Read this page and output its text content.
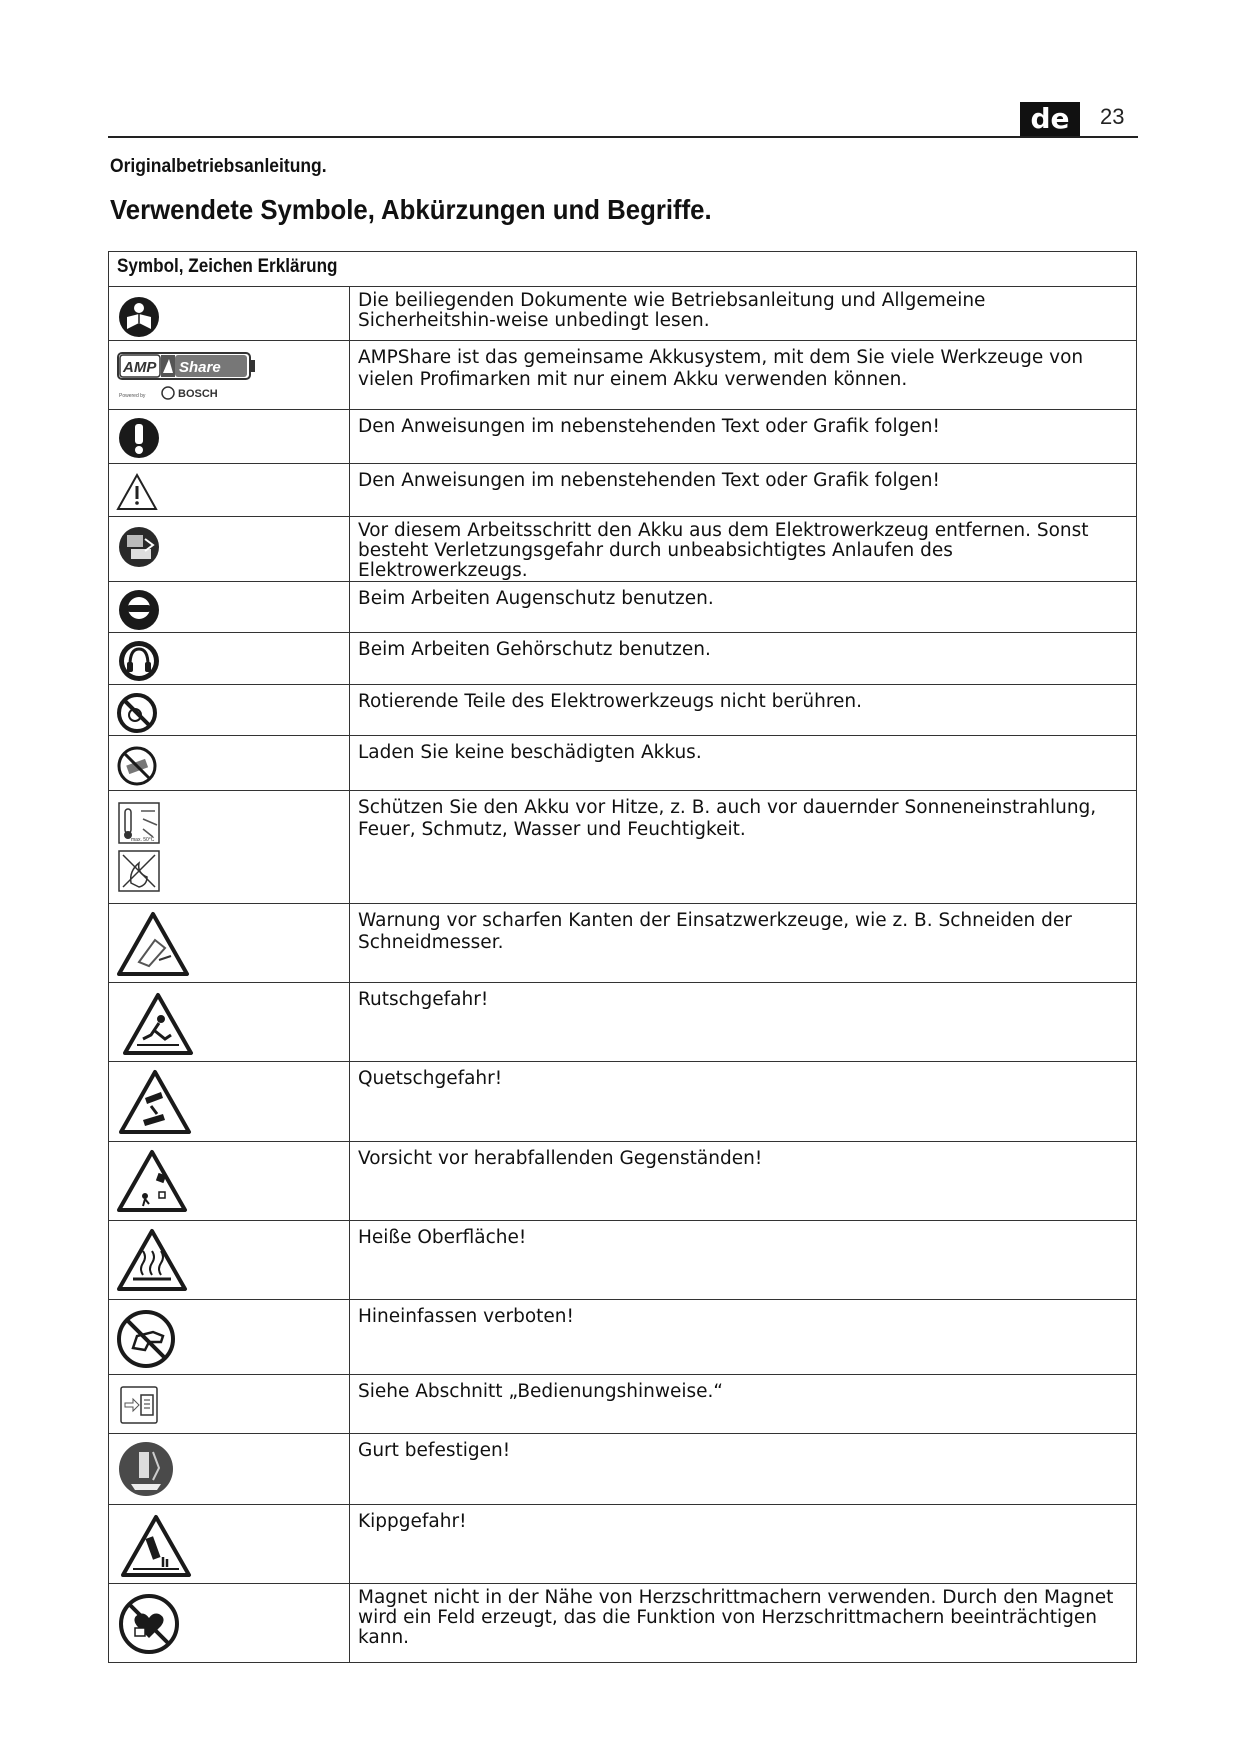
de	23
Originalbetriebsanleitung.
Verwendete Symbole, Abkürzungen und Begriffe.
Symbol, Zeichen Erklärung	

	Die beiliegenden Dokumente wie Betriebsanleitung und Allgemeine Sicherheitshin-weise unbedingt lesen.

AMP Share
Powered by BOSCH	AMPShare ist das gemeinsame Akkusystem, mit dem Sie viele Werkzeuge von vielen Profimarken mit nur einem Akku verwenden können.

	Den Anweisungen im nebenstehenden Text oder Grafik folgen!

	Den Anweisungen im nebenstehenden Text oder Grafik folgen!

	Vor diesem Arbeitsschritt den Akku aus dem Elektrowerkzeug entfernen. Sonst besteht Verletzungsgefahr durch unbeabsichtigtes Anlaufen des Elektrowerkzeugs.

	Beim Arbeiten Augenschutz benutzen.

	Beim Arbeiten Gehörschutz benutzen.

	Rotierende Teile des Elektrowerkzeugs nicht berühren.

	Laden Sie keine beschädigten Akkus.

max. 50°C	Schützen Sie den Akku vor Hitze, z. B. auch vor dauernder Sonneneinstrahlung, Feuer, Schmutz, Wasser und Feuchtigkeit.

	Warnung vor scharfen Kanten der Einsatzwerkzeuge, wie z. B. Schneiden der Schneidmesser.

	Rutschgefahr!

	Quetschgefahr!

	Vorsicht vor herabfallenden Gegenständen!

	Heiße Oberfläche!

	Hineinfassen verboten!

	Siehe Abschnitt „Bedienungshinweise.“

	Gurt befestigen!

	Kippgefahr!

	Magnet nicht in der Nähe von Herzschrittmachern verwenden. Durch den Magnet wird ein Feld erzeugt, das die Funktion von Herzschrittmachern beeinträchtigen kann.
